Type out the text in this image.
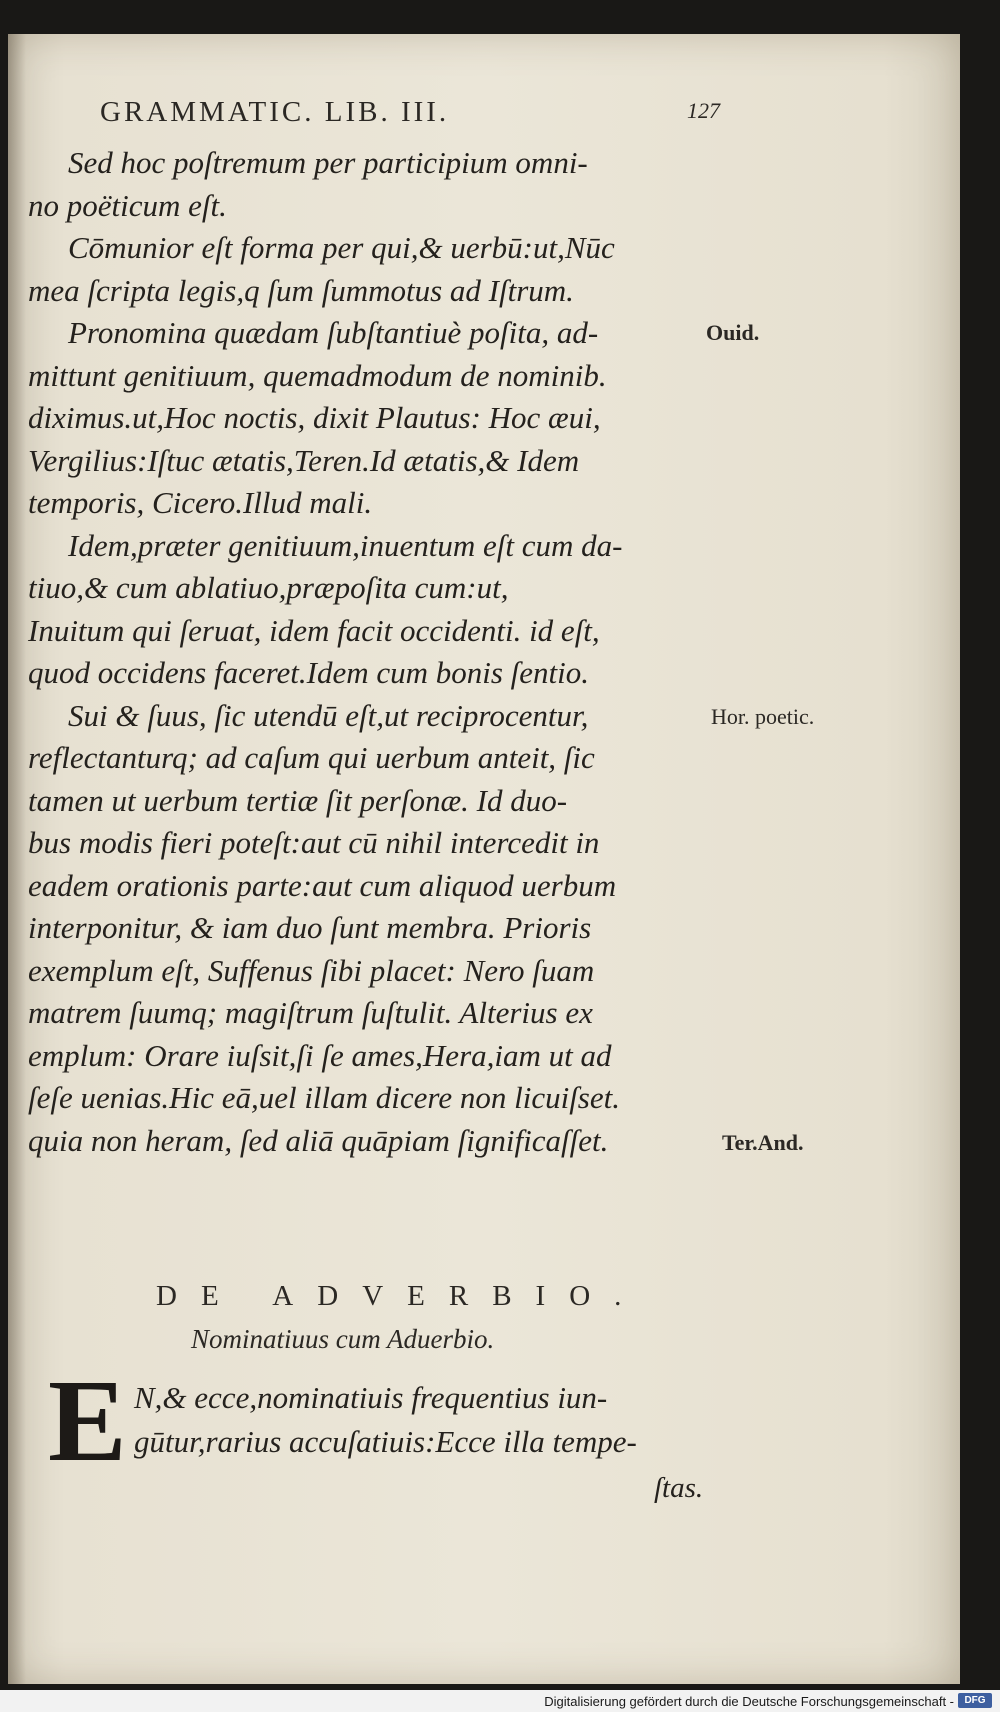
GRAMMATIC. LIB. III.	127
Sed hoc poſtremum per participium omni-
no poëticum eſt.
Cōmunior eſt forma per qui,& uerbū:ut,Nūc
mea ſcripta legis,q ſum ſummotus ad Iſtrum.
Pronomina quædam ſubſtantiuè poſita, ad-
mittunt genitiuum, quemadmodum de nominib.
diximus.ut,Hoc noctis, dixit Plautus: Hoc æui,
Vergilius:Iſtuc ætatis,Teren.Id ætatis,& Idem
temporis, Cicero.Illud mali.
Idem,præter genitiuum,inuentum eſt cum da-
tiuo,& cum ablatiuo,præpoſita cum:ut,
Inuitum qui ſeruat, idem facit occidenti. id eſt,
quod occidens faceret.Idem cum bonis ſentio.
Sui & ſuus, ſic utendū eſt,ut reciprocentur,
reflectanturq; ad caſum qui uerbum anteit, ſic
tamen ut uerbum tertiæ ſit perſonæ. Id duo-
bus modis fieri poteſt:aut cū nihil intercedit in
eadem orationis parte:aut cum aliquod uerbum
interponitur, & iam duo ſunt membra. Prioris
exemplum eſt, Suffenus ſibi placet: Nero ſuam
matrem ſuumq; magiſtrum ſuſtulit. Alterius ex
emplum: Orare iuſsit,ſi ſe ames,Hera,iam ut ad
ſeſe uenias.Hic eā,uel illam dicere non licuiſset.
quia non heram, ſed aliā quāpiam ſignificaſſet.
Ouid.
Hor. poetic.
Ter.And.
DE ADVERBIO.
Nominatiuus cum Aduerbio.
E N,& ecce,nominatiuis frequentius iun-
gūtur,rarius accuſatiuis:Ecce illa tempe-
ſtas.
Digitalisierung gefördert durch die Deutsche Forschungsgemeinschaft -	DFG
